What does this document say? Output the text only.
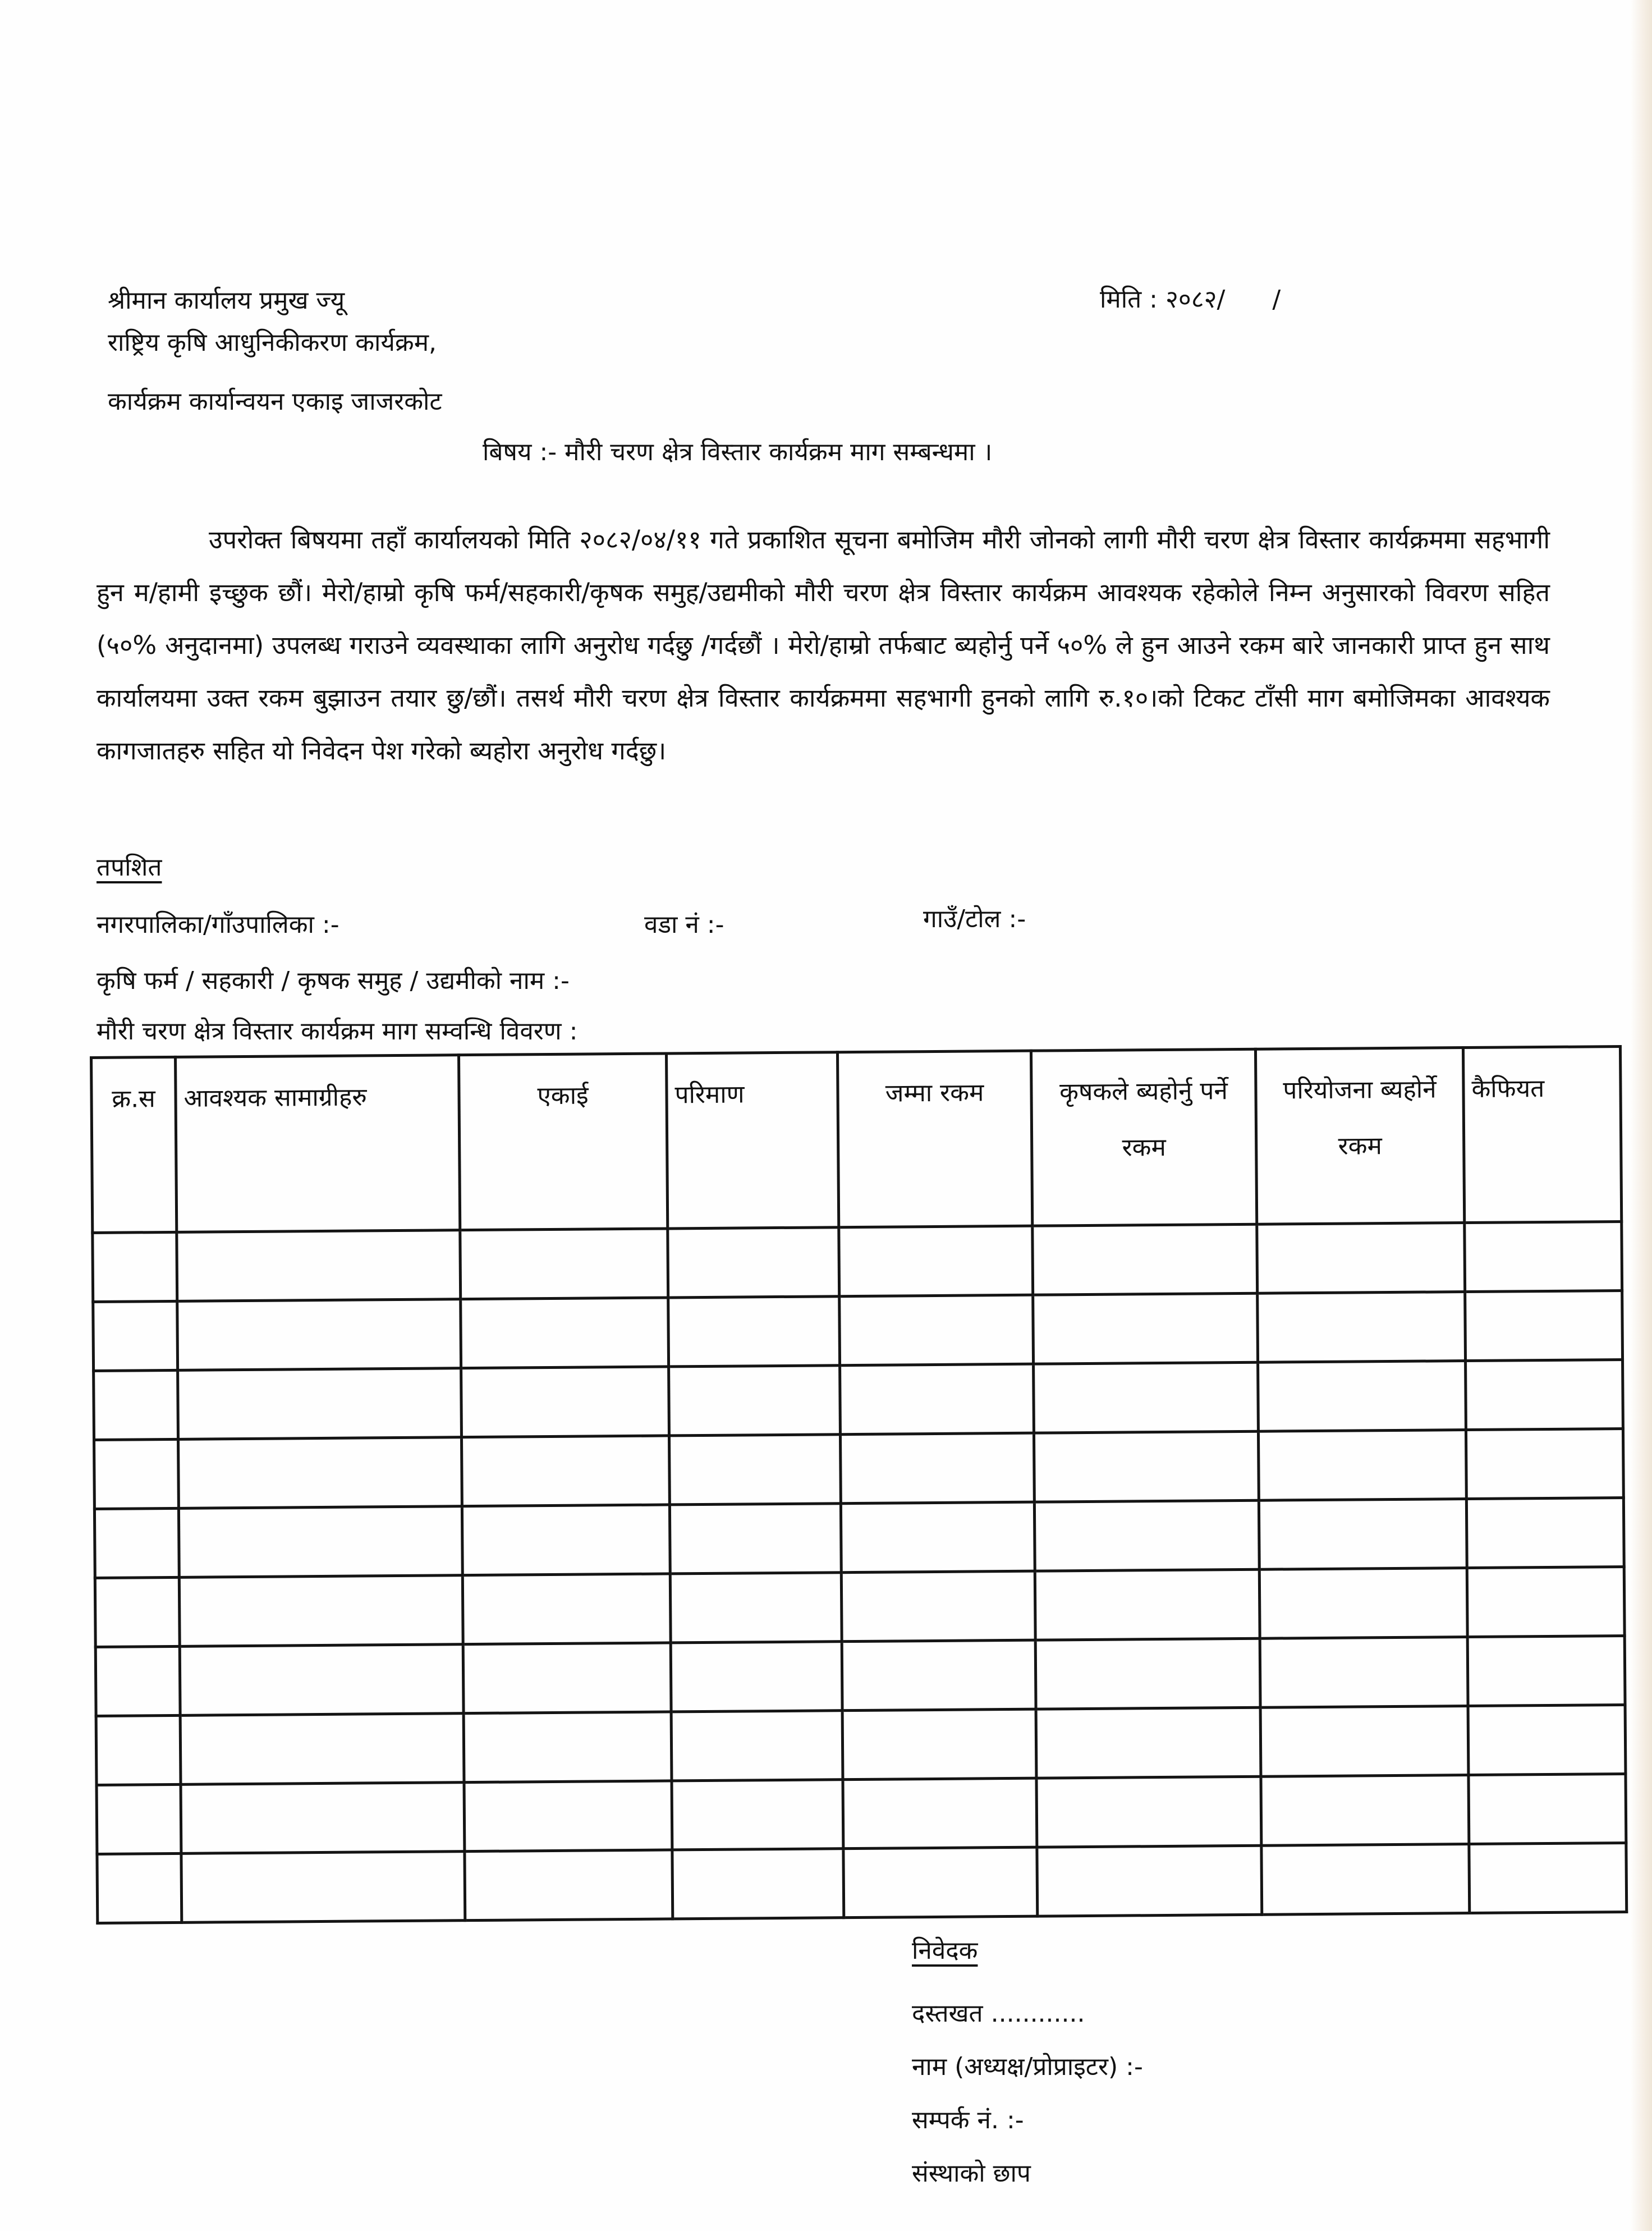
श्रीमान कार्यालय प्रमुख ज्यू
राष्ट्रिय कृषि आधुनिकीकरण कार्यक्रम,
कार्यक्रम कार्यान्वयन एकाइ जाजरकोट
मिति : २०८२/ /
बिषय :- मौरी चरण क्षेत्र विस्तार कार्यक्रम माग सम्बन्धमा ।

उपरोक्त बिषयमा तहाँ कार्यालयको मिति २०८२/०४/११ गते प्रकाशित सूचना बमोजिम मौरी जोनको लागी मौरी चरण क्षेत्र विस्तार कार्यक्रममा सहभागी हुन म/हामी इच्छुक छौं। मेरो/हाम्रो कृषि फर्म/सहकारी/कृषक समुह/उद्यमीको मौरी चरण क्षेत्र विस्तार कार्यक्रम आवश्यक रहेकोले निम्न अनुसारको विवरण सहित (५०% अनुदानमा) उपलब्ध गराउने व्यवस्थाका लागि अनुरोध गर्दछु /गर्दछौं । मेरो/हाम्रो तर्फबाट ब्यहोर्नु पर्ने ५०% ले हुन आउने रकम बारे जानकारी प्राप्त हुन साथ कार्यालयमा उक्त रकम बुझाउन तयार छु/छौं। तसर्थ मौरी चरण क्षेत्र विस्तार कार्यक्रममा सहभागी हुनको लागि रु.१०।को टिकट टाँसी माग बमोजिमका आवश्यक कागजातहरु सहित यो निवेदन पेश गरेको ब्यहोरा अनुरोध गर्दछु।

तपशित
नगरपालिका/गाँउपालिका :-	वडा नं :-	गाउँ/टोल :-
कृषि फर्म / सहकारी / कृषक समुह / उद्यमीको नाम :-
मौरी चरण क्षेत्र विस्तार कार्यक्रम माग सम्वन्धि विवरण :
क्र.स	आवश्यक सामाग्रीहरु	एकाई	परिमाण	जम्मा रकम	कृषकले ब्यहोर्नु पर्ने रकम	परियोजना ब्यहोर्ने रकम	कैफियत

निवेदक
दस्तखत ............
नाम (अध्यक्ष/प्रोप्राइटर) :-
सम्पर्क नं. :-
संस्थाको छाप
